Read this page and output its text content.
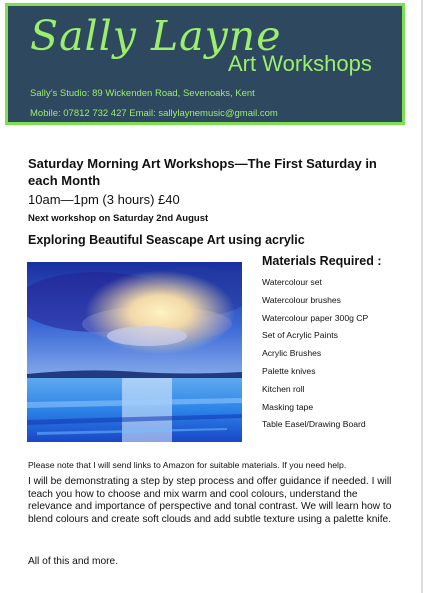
Sally Layne
Art Workshops
Sally’s Studio: 89 Wickenden Road, Sevenoaks, Kent
Mobile: 07812 732 427 Email: sallylaynemusic@gmail.com
Saturday Morning Art Workshops—The First Saturday in each Month
10am—1pm (3 hours) £40
Next workshop on Saturday 2nd August
Exploring Beautiful Seascape Art using acrylic
Materials Required :
Watercolour set
Watercolour brushes
Watercolour paper 300g CP
Set of Acrylic Paints
Acrylic Brushes
Palette knives
Kitchen roll
Masking tape
Table Easel/Drawing Board
Please note that I will send links to Amazon for suitable materials. If you need help.
I will be demonstrating a step by step process and offer guidance if needed. I will teach you how to choose and mix warm and cool colours, understand the relevance and importance of perspective and tonal contrast. We will learn how to blend colours and create soft clouds and add subtle texture using a palette knife.
All of this and more.
